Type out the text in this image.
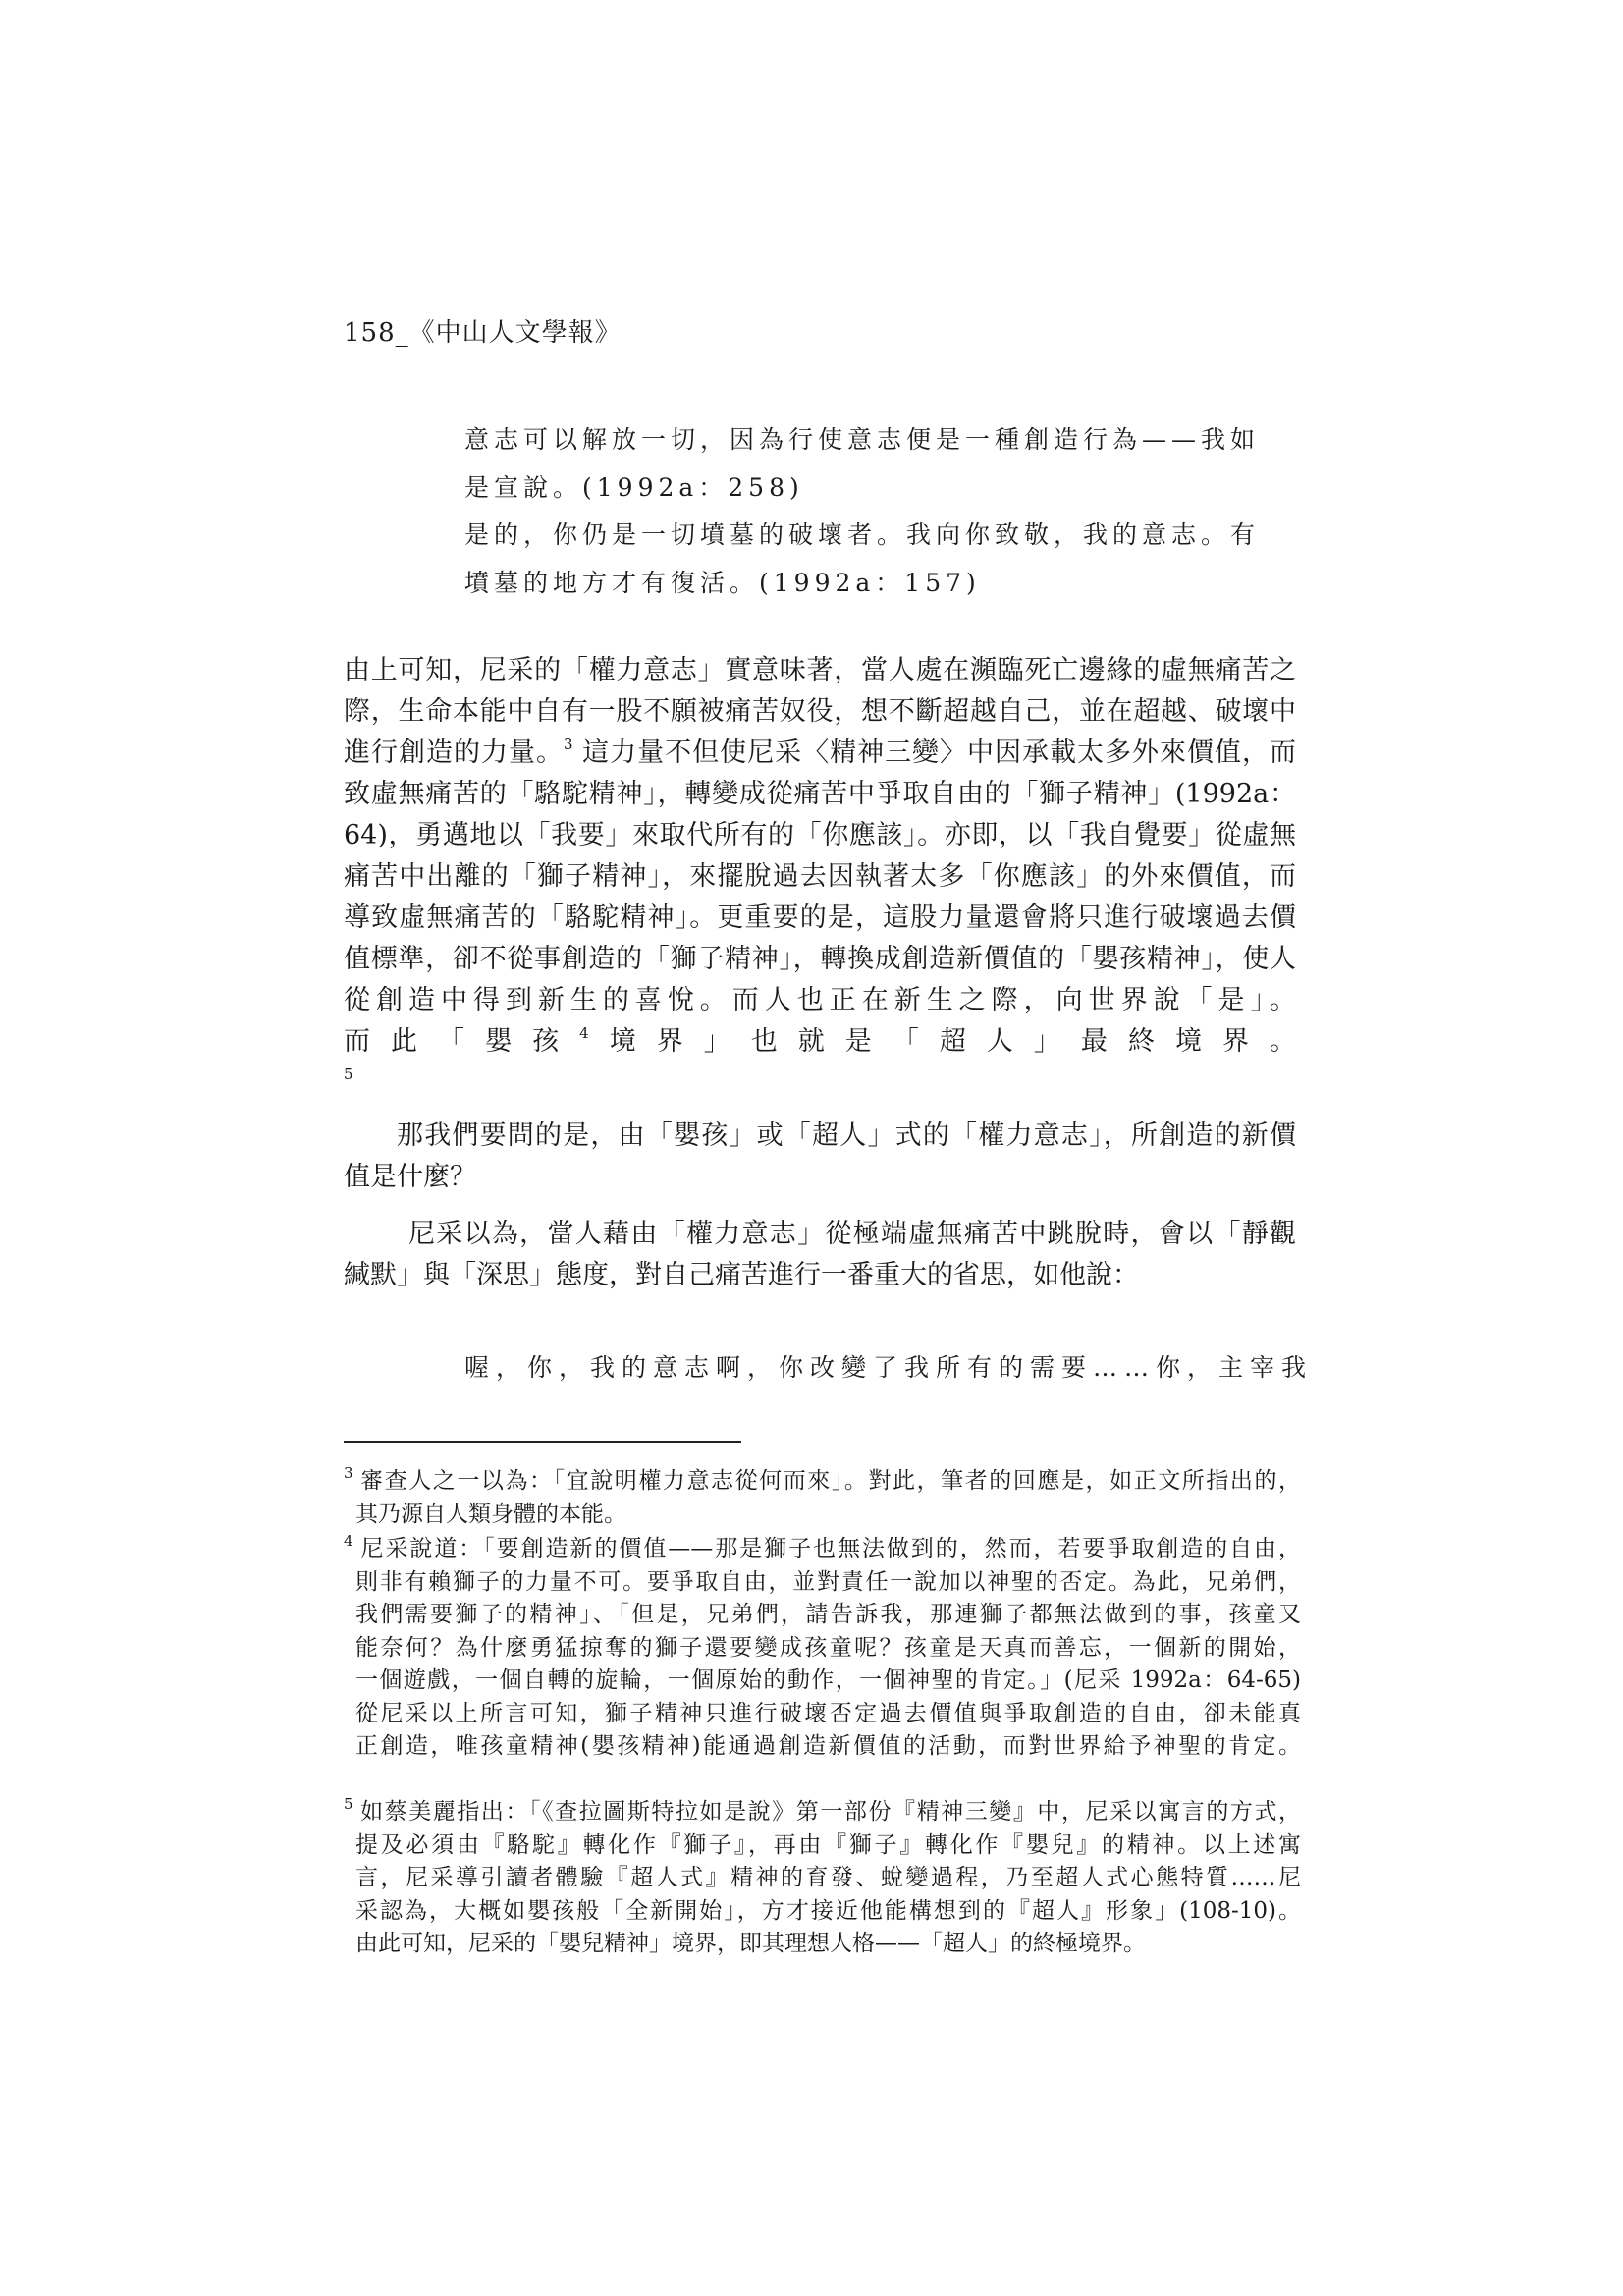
158_《中山人文學報》
意志可以解放一切，因為行使意志便是一種創造行為——我如
是宣說。(1992a：258)
是的，你仍是一切墳墓的破壞者。我向你致敬，我的意志。有
墳墓的地方才有復活。(1992a：157)
由上可知，尼采的「權力意志」實意味著，當人處在瀕臨死亡邊緣的虛無痛苦之
際，生命本能中自有一股不願被痛苦奴役，想不斷超越自己，並在超越、破壞中
進行創造的力量。$^3$ 這力量不但使尼采〈精神三變〉中因承載太多外來價值，而
致虛無痛苦的「駱駝精神」，轉變成從痛苦中爭取自由的「獅子精神」(1992a：
64)，勇邁地以「我要」來取代所有的「你應該」。亦即，以「我自覺要」從虛無
痛苦中出離的「獅子精神」，來擺脫過去因執著太多「你應該」的外來價值，而
導致虛無痛苦的「駱駝精神」。更重要的是，這股力量還會將只進行破壞過去價
值標準，卻不從事創造的「獅子精神」，轉換成創造新價值的「嬰孩精神」，使人
從創造中得到新生的喜悅。而人也正在新生之際，向世界說「是」。
而此「嬰孩$^4$境界」也就是「超人」最終境界。
$^5$
那我們要問的是，由「嬰孩」或「超人」式的「權力意志」，所創造的新價
值是什麼？
尼采以為，當人藉由「權力意志」從極端虛無痛苦中跳脫時，會以「靜觀
緘默」與「深思」態度，對自己痛苦進行一番重大的省思，如他說：
喔，你，我的意志啊，你改變了我所有的需要……你，主宰我
$^3$ 審查人之一以為：「宜說明權力意志從何而來」。對此，筆者的回應是，如正文所指出的，
其乃源自人類身體的本能。
$^4$ 尼采說道：「要創造新的價值——那是獅子也無法做到的，然而，若要爭取創造的自由，
則非有賴獅子的力量不可。要爭取自由，並對責任一說加以神聖的否定。為此，兄弟們，
我們需要獅子的精神」、「但是，兄弟們，請告訴我，那連獅子都無法做到的事，孩童又
能奈何？為什麼勇猛掠奪的獅子還要變成孩童呢？孩童是天真而善忘，一個新的開始，
一個遊戲，一個自轉的旋輪，一個原始的動作，一個神聖的肯定。」(尼采 1992a：64-65)
從尼采以上所言可知，獅子精神只進行破壞否定過去價值與爭取創造的自由，卻未能真
正創造，唯孩童精神(嬰孩精神)能通過創造新價值的活動，而對世界給予神聖的肯定。
$^5$ 如蔡美麗指出：「《查拉圖斯特拉如是說》第一部份『精神三變』中，尼采以寓言的方式，
提及必須由『駱駝』轉化作『獅子』，再由『獅子』轉化作『嬰兒』的精神。以上述寓
言，尼采導引讀者體驗『超人式』精神的育發、蛻變過程，乃至超人式心態特質……尼
采認為，大概如嬰孩般「全新開始」，方才接近他能構想到的『超人』形象」(108-10)。
由此可知，尼采的「嬰兒精神」境界，即其理想人格——「超人」的終極境界。
